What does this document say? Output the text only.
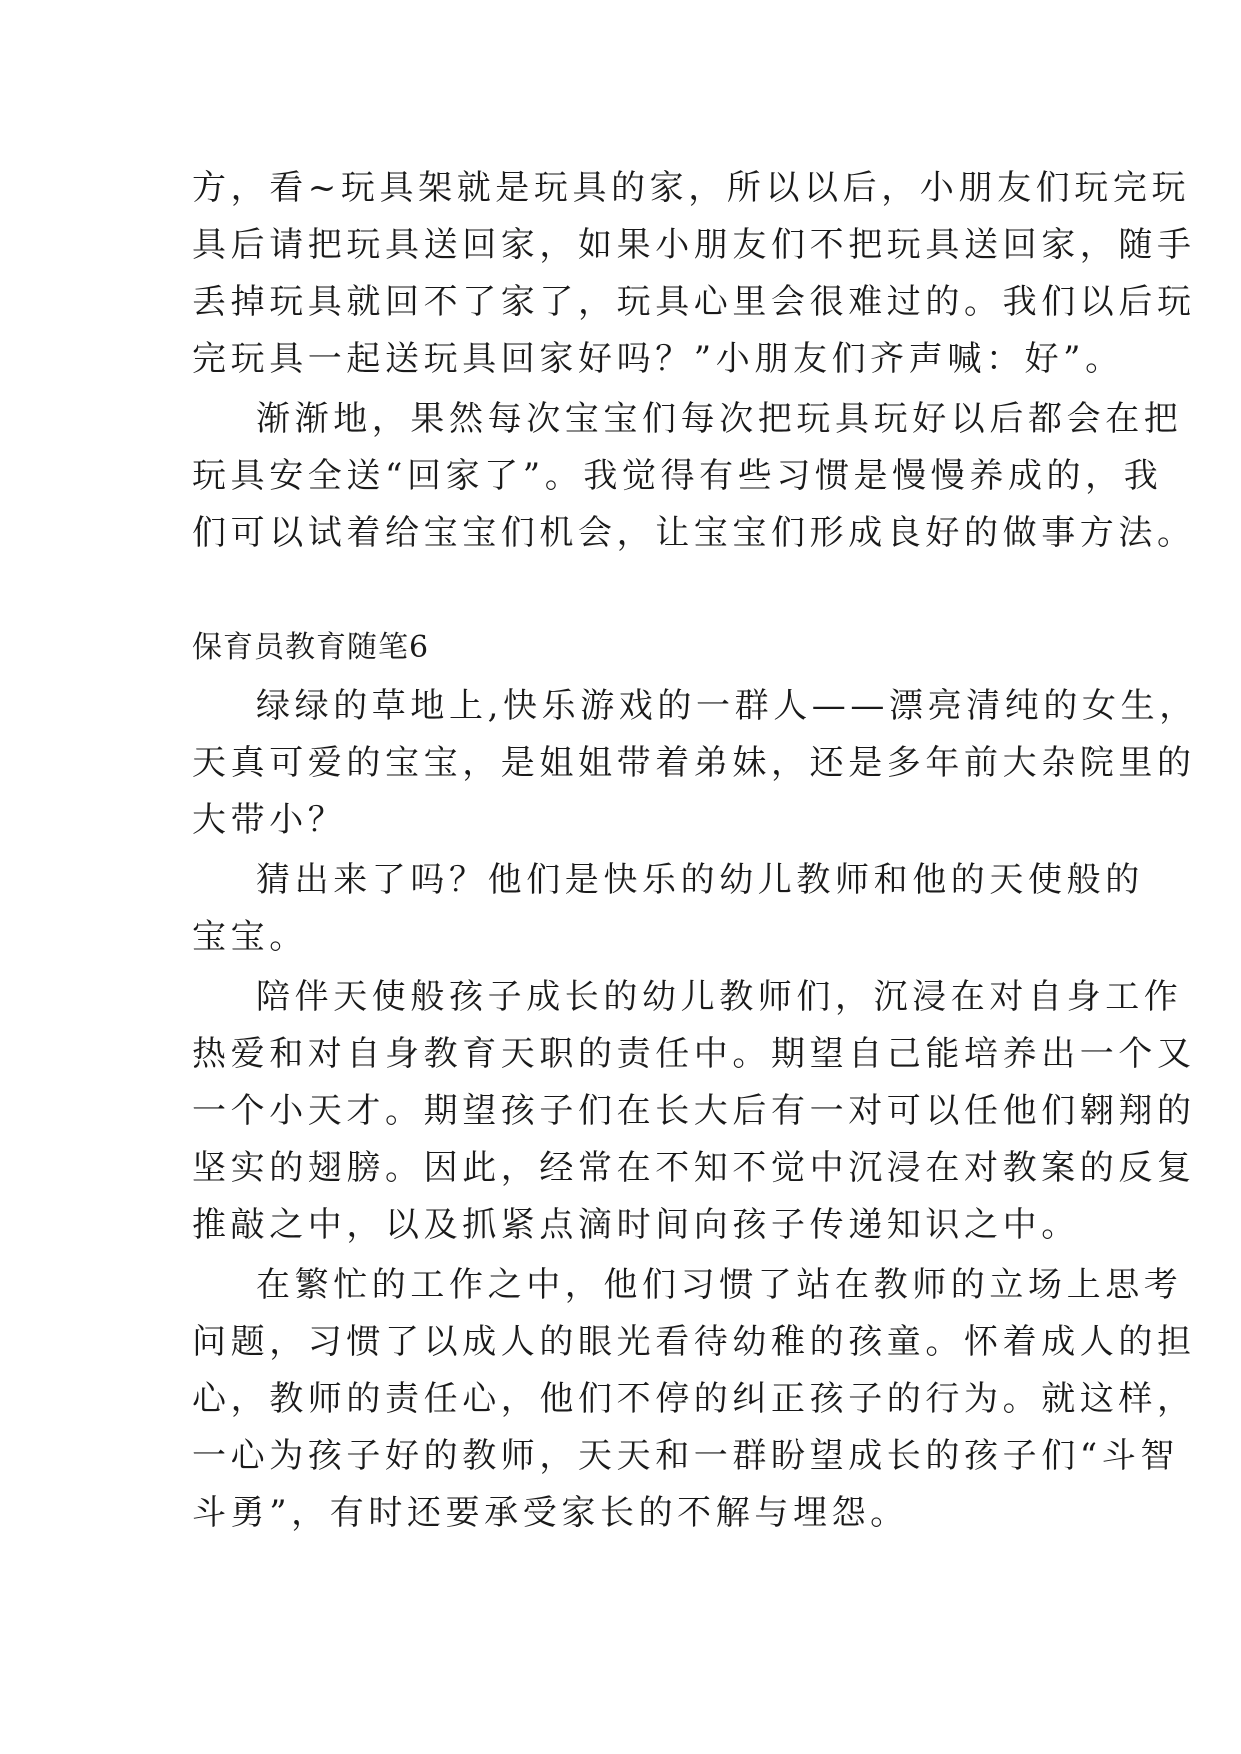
方，看~玩具架就是玩具的家，所以以后，小朋友们玩完玩
具后请把玩具送回家，如果小朋友们不把玩具送回家，随手
丢掉玩具就回不了家了，玩具心里会很难过的。我们以后玩
完玩具一起送玩具回家好吗？”小朋友们齐声喊：好”。
渐渐地，果然每次宝宝们每次把玩具玩好以后都会在把
玩具安全送“回家了”。我觉得有些习惯是慢慢养成的，我
们可以试着给宝宝们机会，让宝宝们形成良好的做事方法。
保育员教育随笔6
绿绿的草地上,快乐游戏的一群人——漂亮清纯的女生，
天真可爱的宝宝，是姐姐带着弟妹，还是多年前大杂院里的
大带小？
猜出来了吗？他们是快乐的幼儿教师和他的天使般的
宝宝。
陪伴天使般孩子成长的幼儿教师们，沉浸在对自身工作
热爱和对自身教育天职的责任中。期望自己能培养出一个又
一个小天才。期望孩子们在长大后有一对可以任他们翱翔的
坚实的翅膀。因此，经常在不知不觉中沉浸在对教案的反复
推敲之中，以及抓紧点滴时间向孩子传递知识之中。
在繁忙的工作之中，他们习惯了站在教师的立场上思考
问题，习惯了以成人的眼光看待幼稚的孩童。怀着成人的担
心，教师的责任心，他们不停的纠正孩子的行为。就这样，
一心为孩子好的教师，天天和一群盼望成长的孩子们“斗智
斗勇”，有时还要承受家长的不解与埋怨。
